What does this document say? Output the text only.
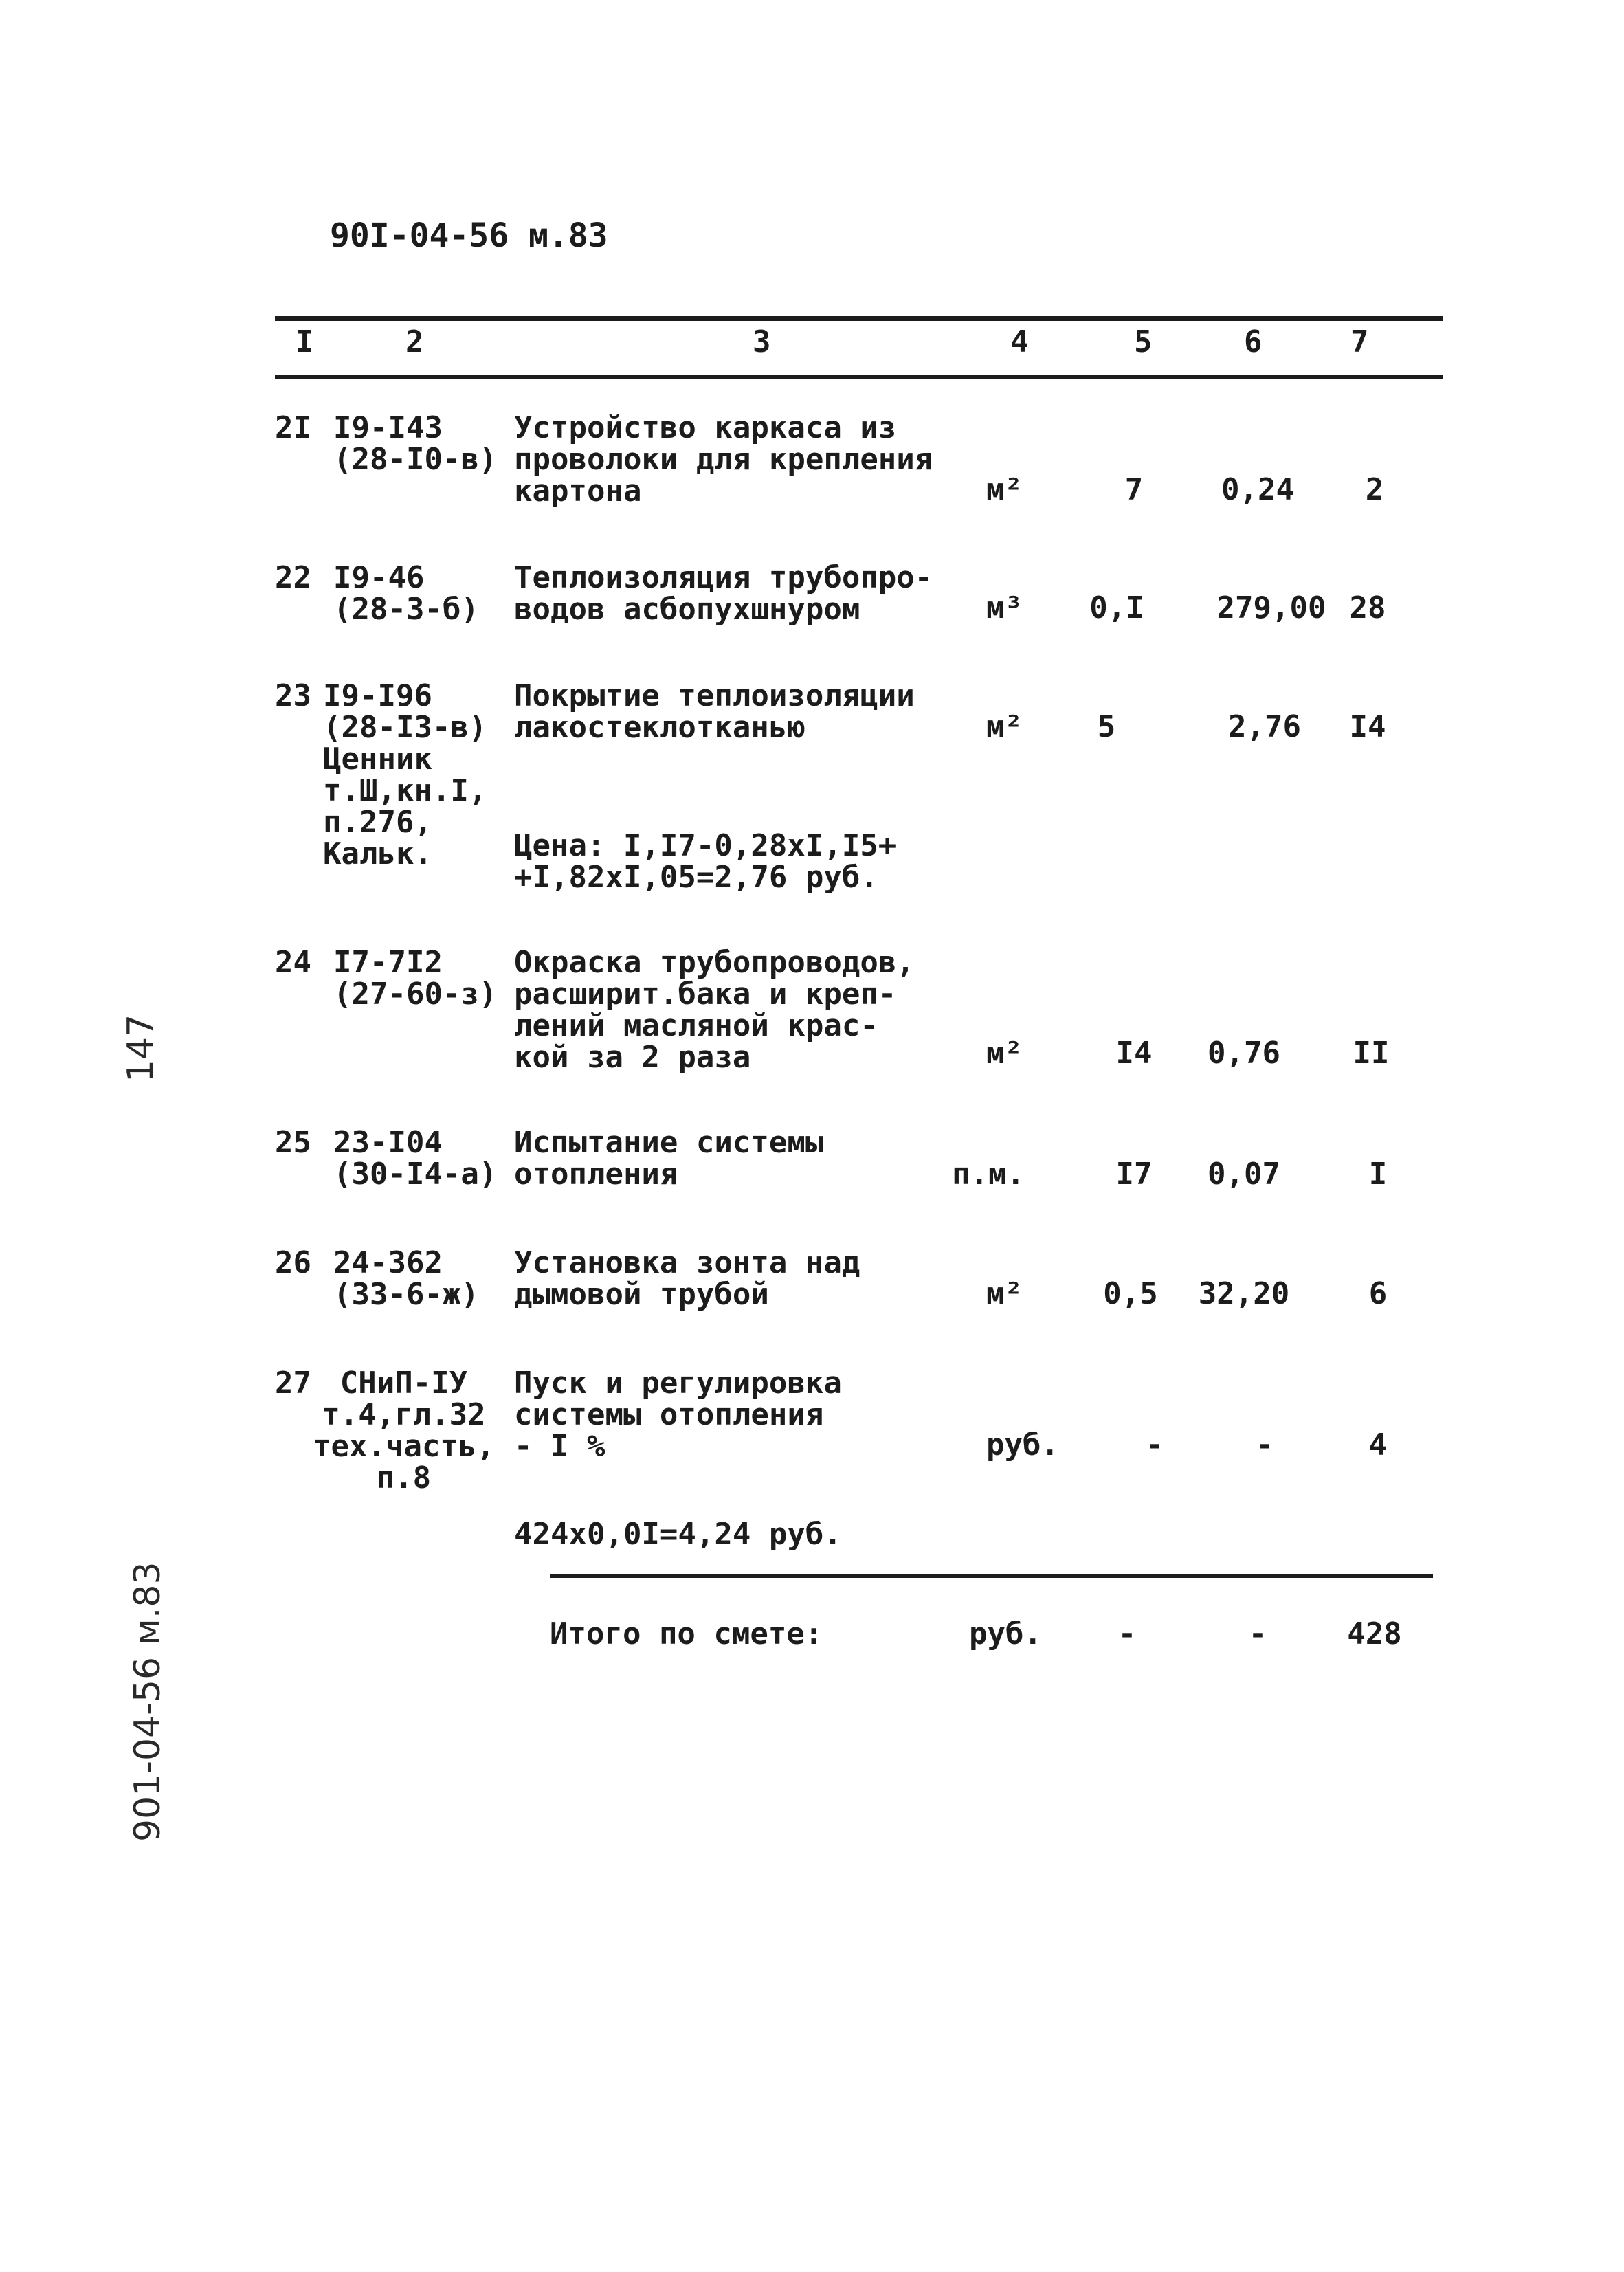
90I-04-56 м.83
I	2	3	4	5	6	7
2I I9-I43
(28-I0-в)
Устройство каркаса из
проволоки для крепления
картона	м²	7	0,24	2
22 I9-46
(28-3-б)
Теплоизоляция трубопро-
водов асбопухшнуром	м³	0,I	279,00 28
23 I9-I96
(28-I3-в)
Ценник
т.Ш,кн.I,
п.276,
Кальк.
Покрытие теплоизоляции
лакостеклотканью	м²	5	2,76	I4
Цена: I,I7-0,28xI,I5+
+I,82xI,05=2,76 руб.
24 I7-7I2
(27-60-з)
Окраска трубопроводов,
расширит.бака и креп-
лений масляной крас-
кой за 2 раза	м²	I4	0,76	II
25 23-I04
(30-I4-а)
Испытание системы
отопления	п.м.	I7	0,07	I
26 24-362
(33-6-ж)
Установка зонта над
дымовой трубой	м²	0,5	32,20	6
27 СНиП-IУ
т.4,гл.32
тех.часть,
п.8
Пуск и регулировка
системы отопления
- I %	руб.	-	-	4
424x0,0I=4,24 руб.
Итого по смете:	руб.	-	-	428
147
901-04-56 м.83
